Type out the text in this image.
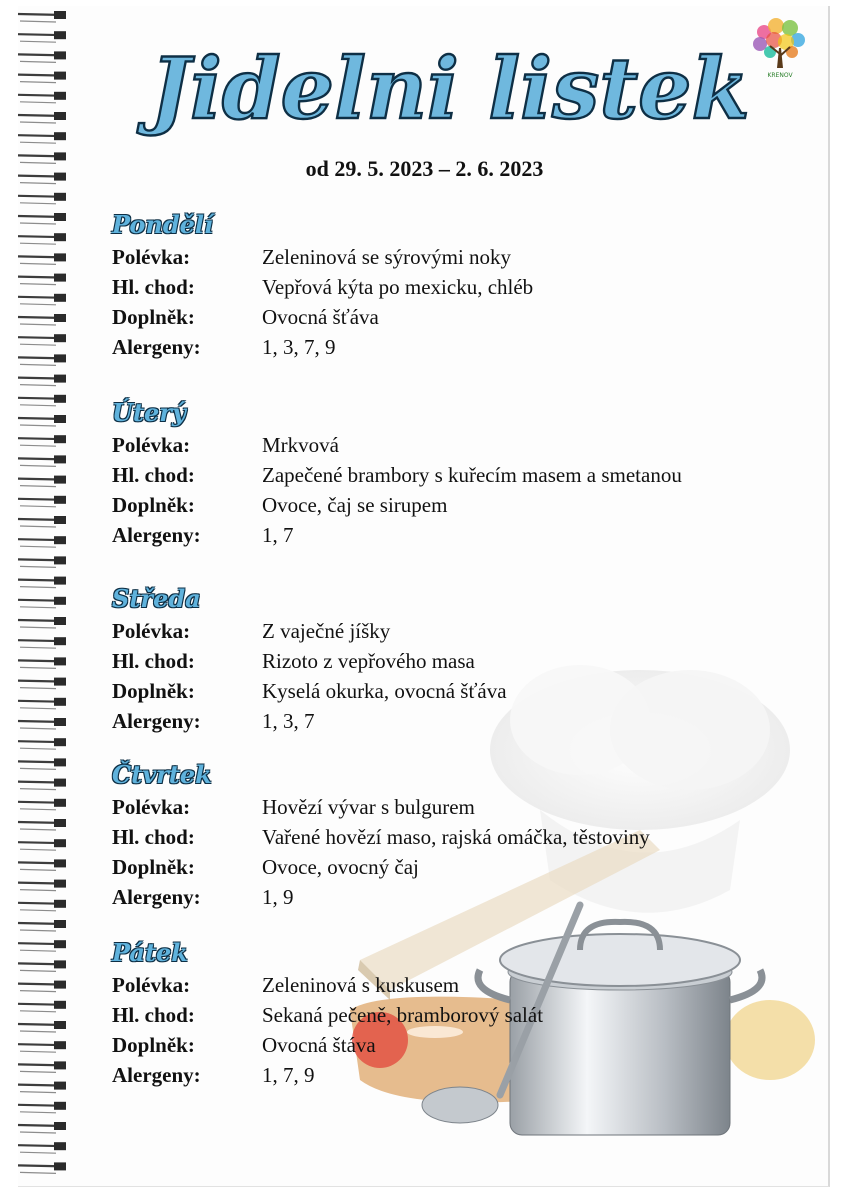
KRENOV
Jidelni listek
od 29. 5. 2023 – 2. 6. 2023
Pondělí
Polévka:	Zeleninová se sýrovými noky
Hl. chod:	Vepřová kýta po mexicku, chléb
Doplněk:	Ovocná šťáva
Alergeny:	1, 3, 7, 9
Úterý
Polévka:	Mrkvová
Hl. chod:	Zapečené brambory s kuřecím masem a smetanou
Doplněk:	Ovoce, čaj se sirupem
Alergeny:	1, 7
Středa
Polévka:	Z vaječné jíšky
Hl. chod:	Rizoto z vepřového masa
Doplněk:	Kyselá okurka, ovocná šťáva
Alergeny:	1, 3, 7
Čtvrtek
Polévka:	Hovězí vývar s bulgurem
Hl. chod:	Vařené hovězí maso, rajská omáčka, těstoviny
Doplněk:	Ovoce, ovocný čaj
Alergeny:	1, 9
Pátek
Polévka:	Zeleninová s kuskusem
Hl. chod:	Sekaná pečeně, bramborový salát
Doplněk:	Ovocná štáva
Alergeny:	1, 7, 9
